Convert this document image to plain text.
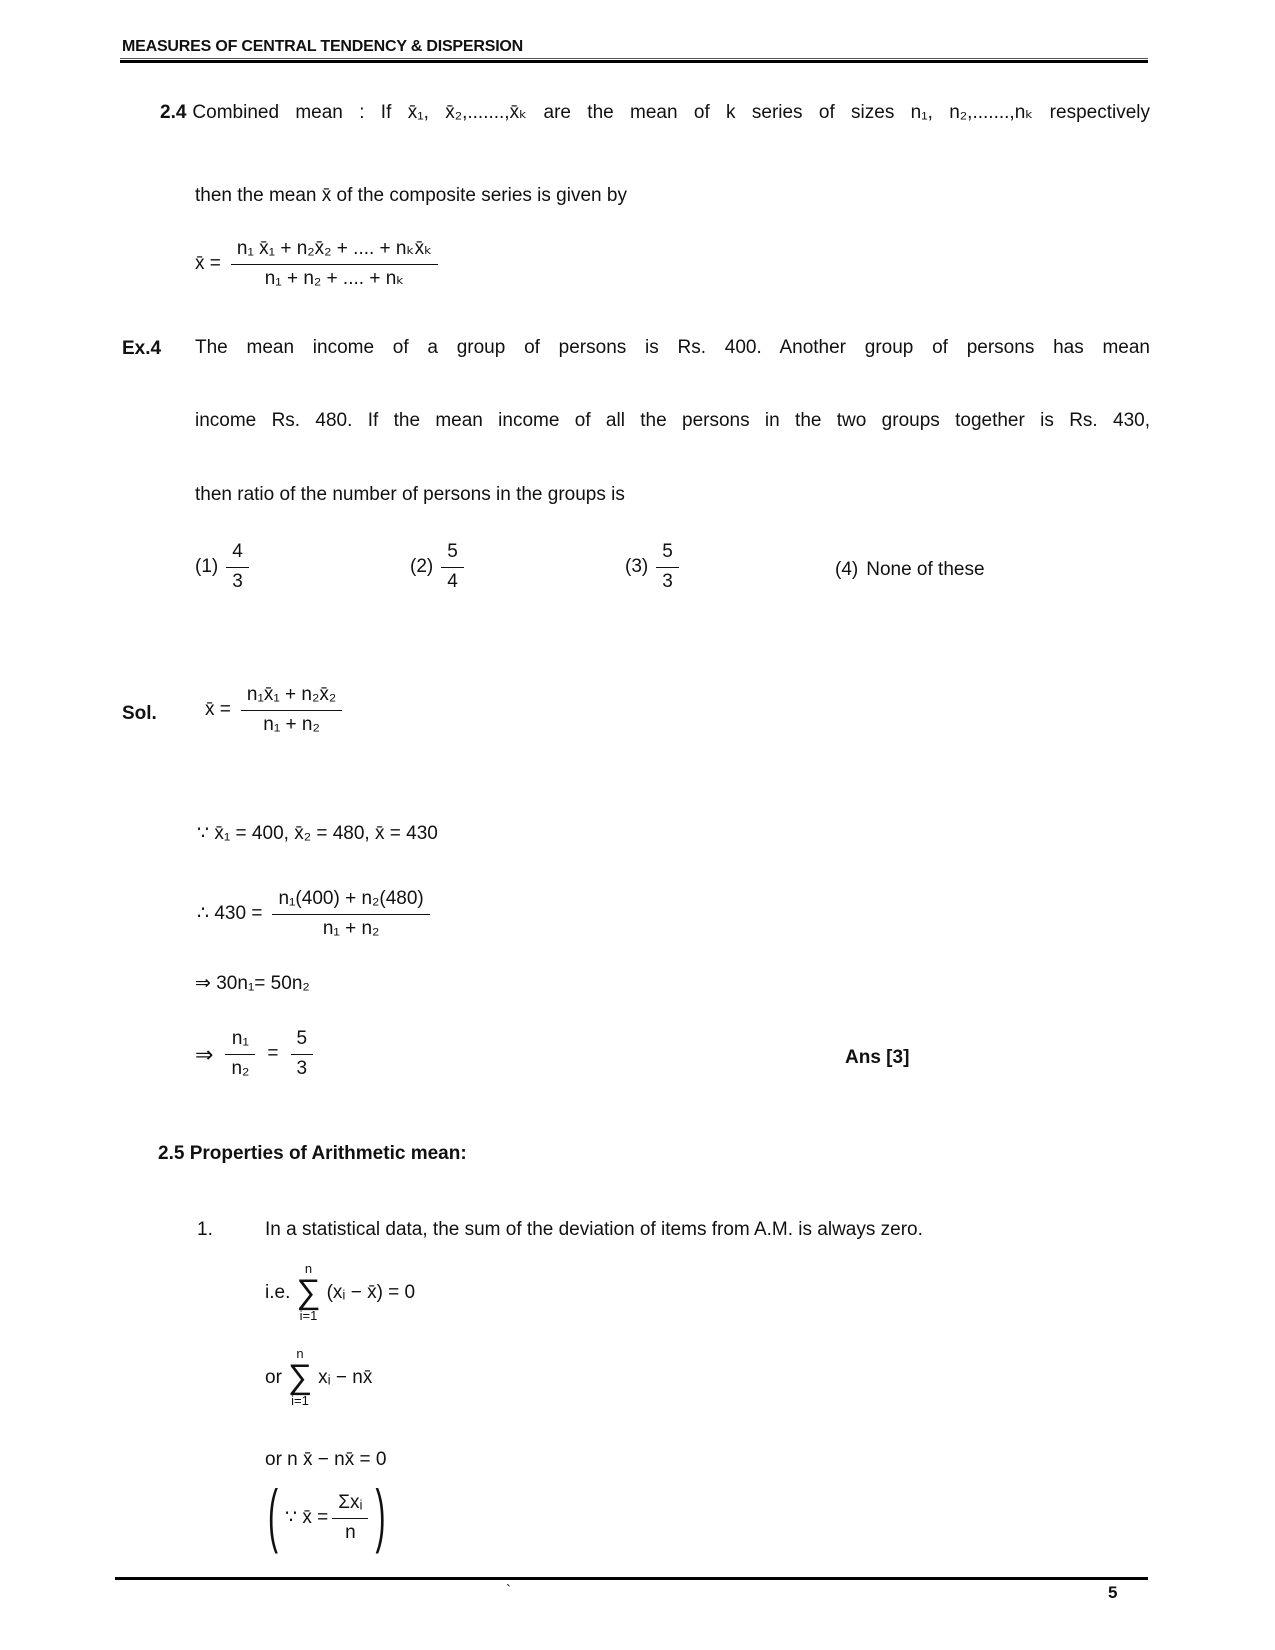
MEASURES OF CENTRAL TENDENCY & DISPERSION
2.4 Combined mean : If x̄₁, x̄₂,.......,x̄ₖ are the mean of k series of sizes n₁, n₂,.......,nₖ respectively
then the mean x̄ of the composite series is given by
x̄ = $\frac{\text{n₁ x̄₁ + n₂x̄₂ + .... + nₖx̄ₖ}}{\text{n₁ + n₂ + .... + nₖ}}$
Ex.4 The mean income of a group of persons is Rs. 400. Another group of persons has mean
income Rs. 480. If the mean income of all the persons in the two groups together is Rs. 430,
then ratio of the number of persons in the groups is
$(1) \frac{4}{3}$	$(2) \frac{5}{4}$	$(3) \frac{5}{3}$	(4) None of these
Sol.	x̄ = $\frac{\text{n₁x̄₁ + n₂x̄₂}}{\text{n₁ + n₂}}$
∵ x̄₁ = 400, x̄₂ = 480, x̄ = 430
∴ $430 = \frac{\text{n₁(400) + n₂(480)}}{\text{n₁ + n₂}}$
⇒ 30n₁= 50n₂
⇒ $\frac{\text{n₁}}{\text{n₂}} = \frac{5}{3}$	Ans [3]
2.5 Properties of Arithmetic mean:
1.	In a statistical data, the sum of the deviation of items from A.M. is always zero.
i.e.
n
∑
i=1
(xᵢ − x̄) = 0
or
n
∑
i=1
xᵢ − nx̄
or n x̄ − nx̄ = 0
( ∵ x̄ = $\frac{\text{Σxᵢ}}{n}$ )
`	5
